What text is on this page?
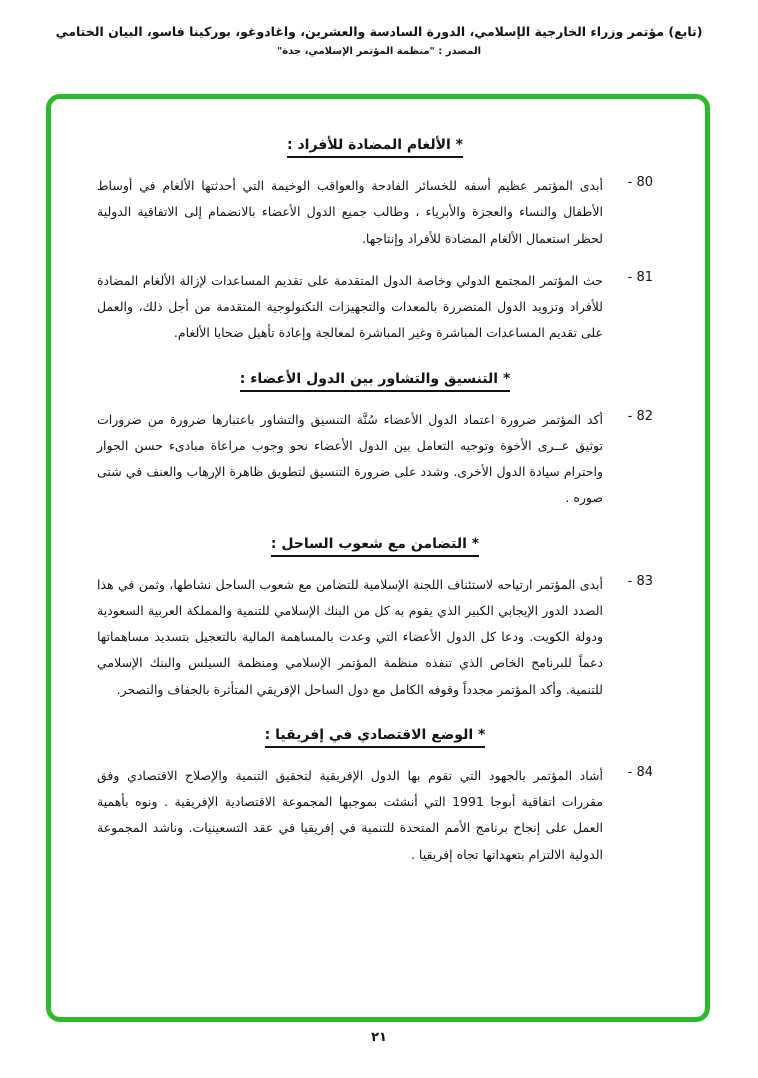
(تابع) مؤتمر وزراء الخارجية الإسلامي، الدورة السادسة والعشرين، واغادوغو، بوركينا فاسو، البيان الختامي
المصدر : "منظمة المؤتمر الإسلامي، جدة"
* الألغام المضادة للأفراد :
80 -
أبدى المؤتمر عظيم أسفه للخسائر الفادحة والعواقب الوخيمة التي أحدثتها الألغام في أوساط الأطفال والنساء والعجزة والأبرياء ، وطالب جميع الدول الأعضاء بالانضمام إلى الاتفاقية الدولية لحظر استعمال الألغام المضادة للأفراد وإنتاجها.
81 -
حث المؤتمر المجتمع الدولي وخاصة الدول المتقدمة على تقديم المساعدات لإزالة الألغام المضادة للأفراد وتزويد الدول المتضررة بالمعدات والتجهيزات التكنولوجية المتقدمة من أجل ذلك، والعمل على تقديم المساعدات المباشرة وغير المباشرة لمعالجة وإعادة تأهيل ضحايا الألغام.
* التنسيق والتشاور بين الدول الأعضاء :
82 -
أكد المؤتمر ضرورة اعتماد الدول الأعضاء سُنَّة التنسيق والتشاور باعتبارها ضرورة من ضرورات توثيق عــرى الأخوة وتوجيه التعامل بين الدول الأعضاء نحو وجوب مراعاة مبادىء حسن الجوار واحترام سيادة الدول الأخرى. وشدد على ضرورة التنسيق لتطويق ظاهرة الإرهاب والعنف في شتى صوره .
* التضامن مع شعوب الساحل :
83 -
أبدى المؤتمر ارتياحه لاستئناف اللجنة الإسلامية للتضامن مع شعوب الساحل نشاطها، وثمن في هذا الصدد الدور الإيجابي الكبير الذي يقوم به كل من البنك الإسلامي للتنمية والمملكة العربية السعودية ودولة الكويت. ودعا كل الدول الأعضاء التي وعدت بالمساهمة المالية بالتعجيل بتسديد مساهماتها دعماً للبرنامج الخاص الذي تنفذه منظمة المؤتمر الإسلامي ومنظمة السيلس والبنك الإسلامي للتنمية. وأكد المؤتمر مجدداً وقوفه الكامل مع دول الساحل الإفريقي المتأثرة بالجفاف والتصحر.
* الوضع الاقتصادي في إفريقيا :
84 -
أشاد المؤتمر بالجهود التي تقوم بها الدول الإفريقية لتحقيق التنمية والإصلاح الاقتصادي وفق مقررات اتفاقية أبوجا 1991 التي أنشئت بموجبها المجموعة الاقتصادية الإفريقية . ونوه بأهمية العمل على إنجاح برنامج الأمم المتحدة للتنمية في إفريقيا في عقد التسعينيات. وناشد المجموعة الدولية الالتزام بتعهداتها تجاه إفريقيا .
٢١
